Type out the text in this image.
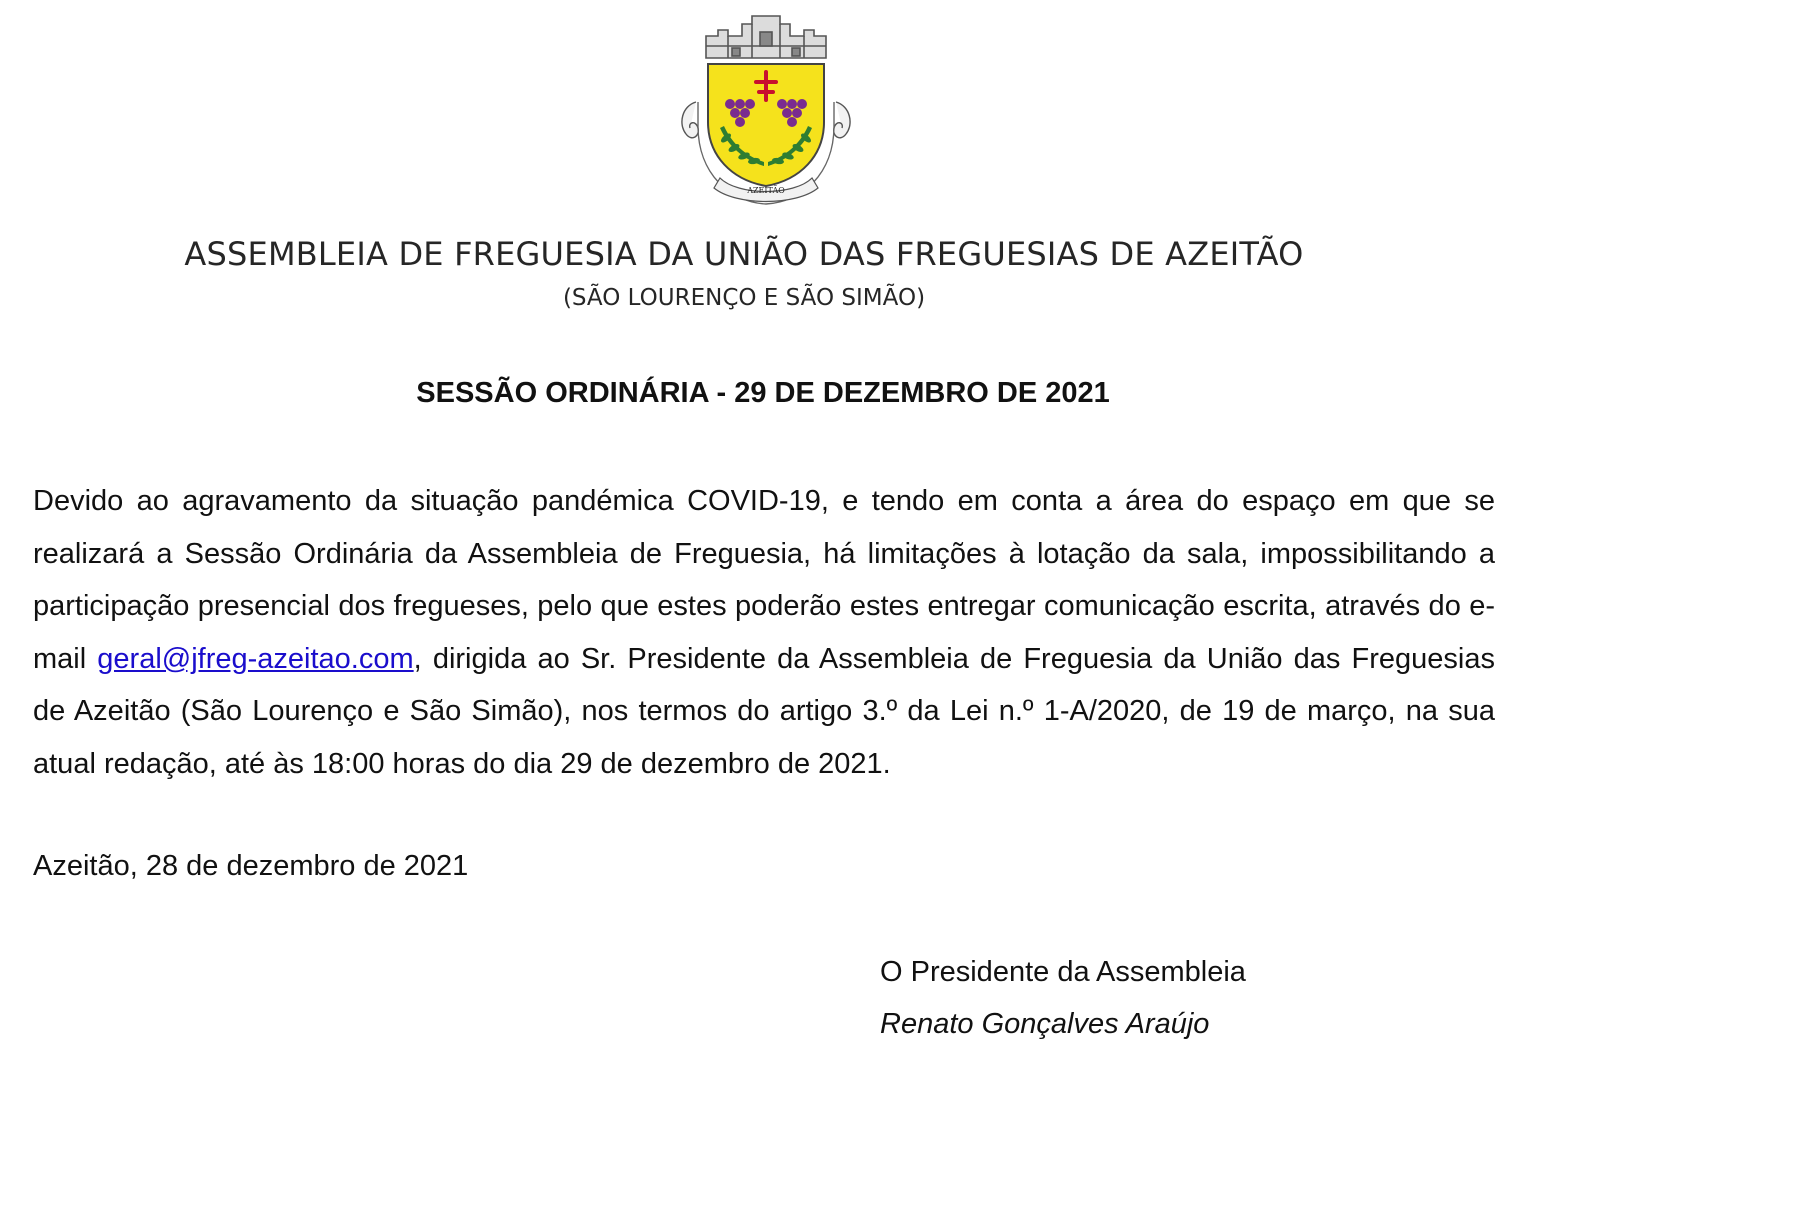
AZEITÃO
ASSEMBLEIA DE FREGUESIA DA UNIÃO DAS FREGUESIAS DE AZEITÃO
(SÃO LOURENÇO E SÃO SIMÃO)
SESSÃO ORDINÁRIA - 29 DE DEZEMBRO DE 2021

Devido ao agravamento da situação pandémica COVID-19, e tendo em conta a área do espaço em que se realizará a Sessão Ordinária da Assembleia de Freguesia, há limitações à lotação da sala, impossibilitando a participação presencial dos fregueses, pelo que estes poderão estes entregar comunicação escrita, através do e-mail geral@jfreg-azeitao.com, dirigida ao Sr. Presidente da Assembleia de Freguesia da União das Freguesias de Azeitão (São Lourenço e São Simão), nos termos do artigo 3.º da Lei n.º 1-A/2020, de 19 de março, na sua atual redação, até às 18:00 horas do dia 29 de dezembro de 2021.

Azeitão, 28 de dezembro de 2021
O Presidente da Assembleia
Renato Gonçalves Araújo
